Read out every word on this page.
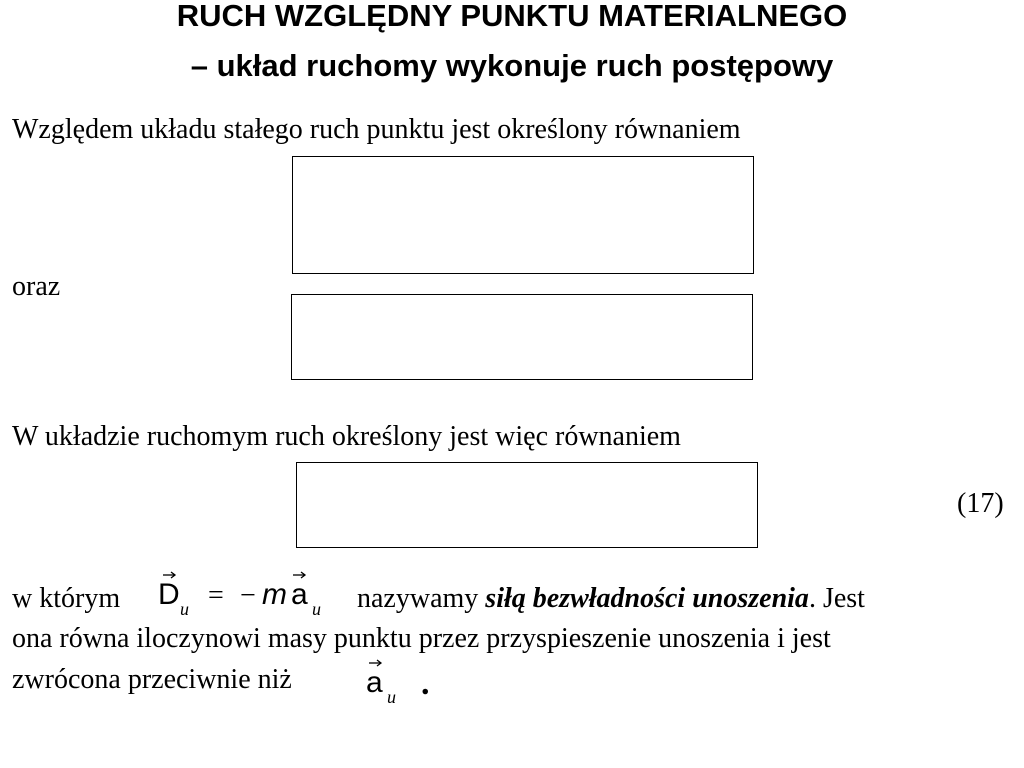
RUCH WZGLĘDNY PUNKTU MATERIALNEGO
– układ ruchomy wykonuje ruch postępowy
Względem układu stałego ruch punktu jest określony równaniem
oraz
W układzie ruchomym ruch określony jest więc równaniem
(17)
w którym D u = − m a u nazywamy siłą bezwładności unoszenia. Jest
ona równa iloczynowi masy punktu przez przyspieszenie unoszenia i jest
zwrócona przeciwnie niż a u .
